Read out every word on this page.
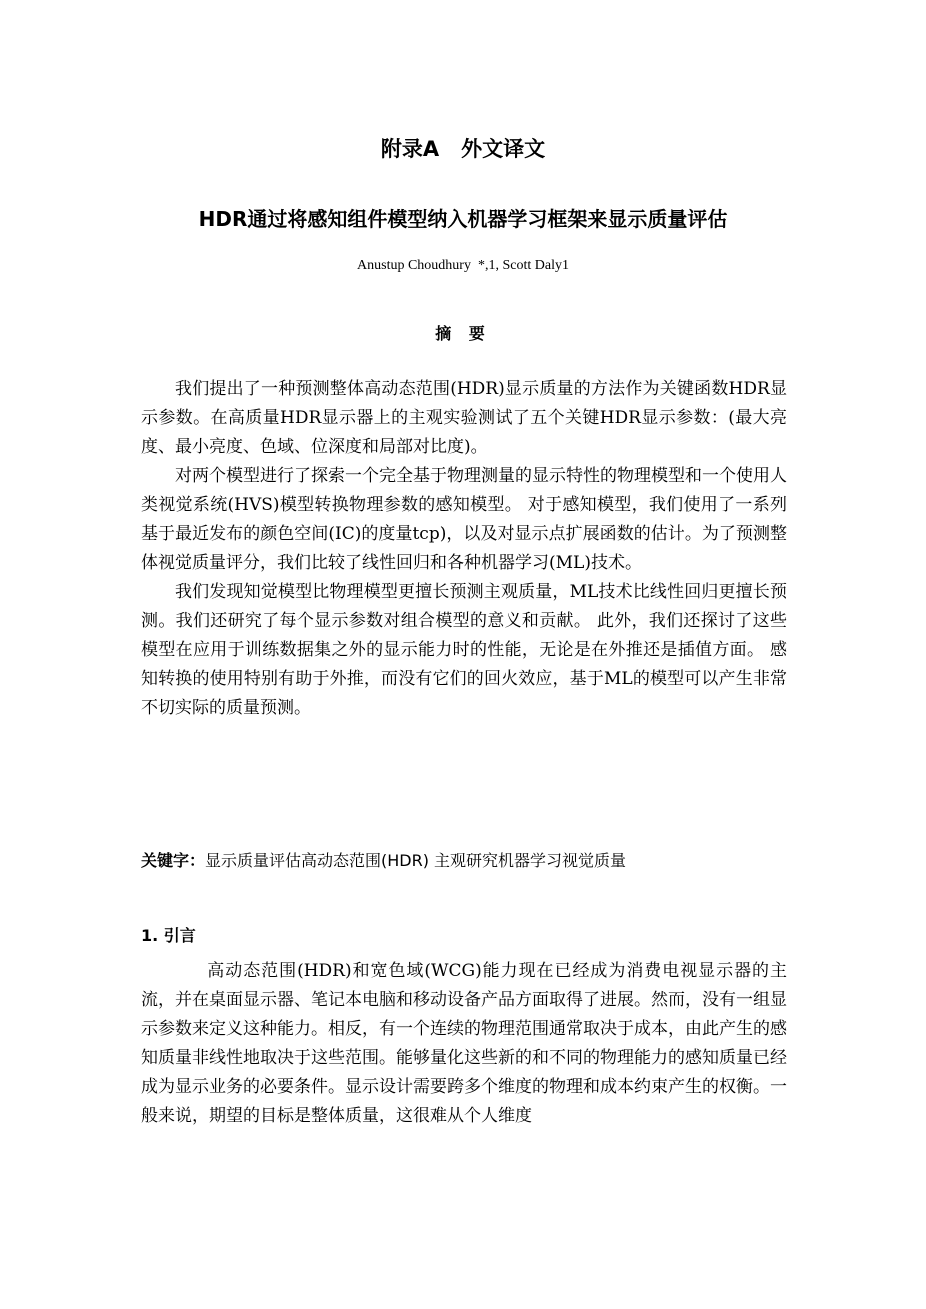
附录A   外文译文
HDR通过将感知组件模型纳入机器学习框架来显示质量评估
Anustup Choudhury  *,1, Scott Daly1
摘 要

我们提出了一种预测整体高动态范围(HDR)显示质量的方法作为关键函数HDR显示参数。在高质量HDR显示器上的主观实验测试了五个关键HDR显示参数：(最大亮度、最小亮度、色域、位深度和局部对比度)。

对两个模型进行了探索一个完全基于物理测量的显示特性的物理模型和一个使用人类视觉系统(HVS)模型转换物理参数的感知模型。 对于感知模型，我们使用了一系列基于最近发布的颜色空间(IC)的度量tcp)，以及对显示点扩展函数的估计。为了预测整体视觉质量评分，我们比较了线性回归和各种机器学习(ML)技术。

我们发现知觉模型比物理模型更擅长预测主观质量，ML技术比线性回归更擅长预测。我们还研究了每个显示参数对组合模型的意义和贡献。 此外，我们还探讨了这些模型在应用于训练数据集之外的显示能力时的性能，无论是在外推还是插值方面。 感知转换的使用特别有助于外推，而没有它们的回火效应，基于ML的模型可以产生非常不切实际的质量预测。

关键字：显示质量评估高动态范围(HDR) 主观研究机器学习视觉质量
1. 引言

高动态范围(HDR)和宽色域(WCG)能力现在已经成为消费电视显示器的主流，并在桌面显示器、笔记本电脑和移动设备产品方面取得了进展。然而，没有一组显示参数来定义这种能力。相反，有一个连续的物理范围通常取决于成本，由此产生的感知质量非线性地取决于这些范围。能够量化这些新的和不同的物理能力的感知质量已经成为显示业务的必要条件。显示设计需要跨多个维度的物理和成本约束产生的权衡。一般来说，期望的目标是整体质量，这很难从个人维度
